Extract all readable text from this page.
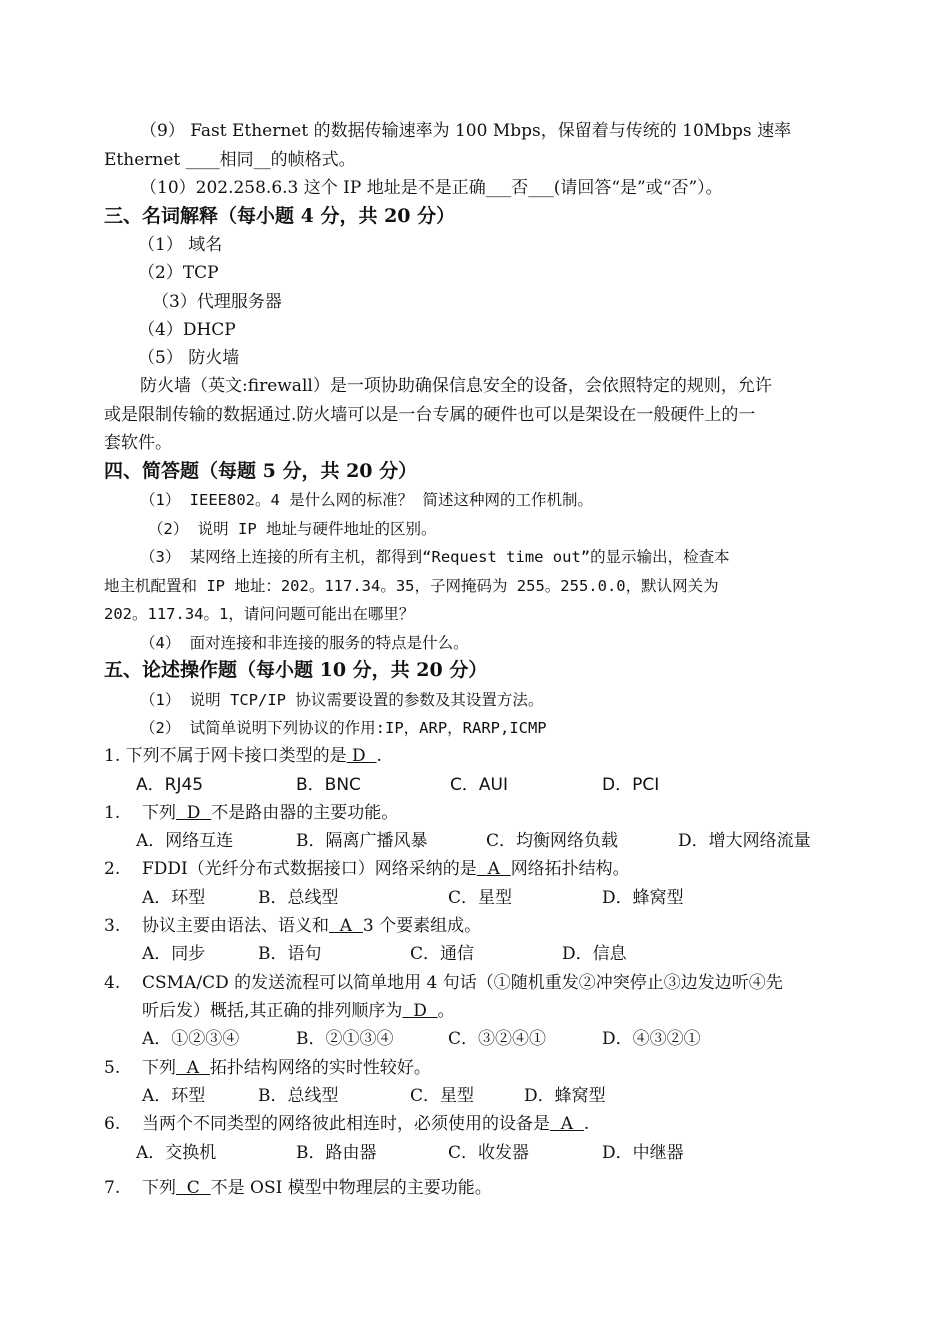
（9） Fast Ethernet 的数据传输速率为 100 Mbps，保留着与传统的 10Mbps 速率
Ethernet ____相同__的帧格式。
（10）202.258.6.3 这个 IP 地址是不是正确___否___(请回答“是”或“否”）。
三、名词解释（每小题 4 分，共 20 分）
（1） 域名
（2）TCP
（3）代理服务器
（4）DHCP
（5） 防火墙
防火墙（英文:firewall）是一项协助确保信息安全的设备，会依照特定的规则，允许
或是限制传输的数据通过.防火墙可以是一台专属的硬件也可以是架设在一般硬件上的一
套软件。
四、简答题（每题 5 分，共 20 分）
（1） IEEE802。4 是什么网的标准？ 简述这种网的工作机制。
（2） 说明 IP 地址与硬件地址的区别。
（3） 某网络上连接的所有主机，都得到“Request time out”的显示输出，检查本
地主机配置和 IP 地址：202。117.34。35，子网掩码为 255。255.0.0，默认网关为
202。117.34。1，请问问题可能出在哪里？
（4） 面对连接和非连接的服务的特点是什么。
五、论述操作题（每小题 10 分，共 20 分）
（1） 说明 TCP/IP 协议需要设置的参数及其设置方法。
（2） 试简单说明下列协议的作用:IP，ARP，RARP,ICMP
1. 下列不属于网卡接口类型的是 D  .
A．RJ45	B．BNC	C．AUI	D．PCI
1. 下列  D  不是路由器的主要功能。
A．网络互连	B．隔离广播风暴	C．均衡网络负载	D．增大网络流量
2. FDDI（光纤分布式数据接口）网络采纳的是  A  网络拓扑结构。
A．环型	B．总线型	C．星型	D．蜂窝型
3. 协议主要由语法、语义和  A  3 个要素组成。
A．同步	B．语句	C．通信	D．信息
4. CSMA/CD 的发送流程可以简单地用 4 句话（①随机重发②冲突停止③边发边听④先
听后发）概括,其正确的排列顺序为  D  。
A．①②③④	B．②①③④	C．③②④①	D．④③②①
5. 下列  A  拓扑结构网络的实时性较好。
A．环型	B．总线型	C．星型	D．蜂窝型
6. 当两个不同类型的网络彼此相连时，必须使用的设备是  A  .
A．交换机	B．路由器	C．收发器	D．中继器
7. 下列  C  不是 OSI 模型中物理层的主要功能。
